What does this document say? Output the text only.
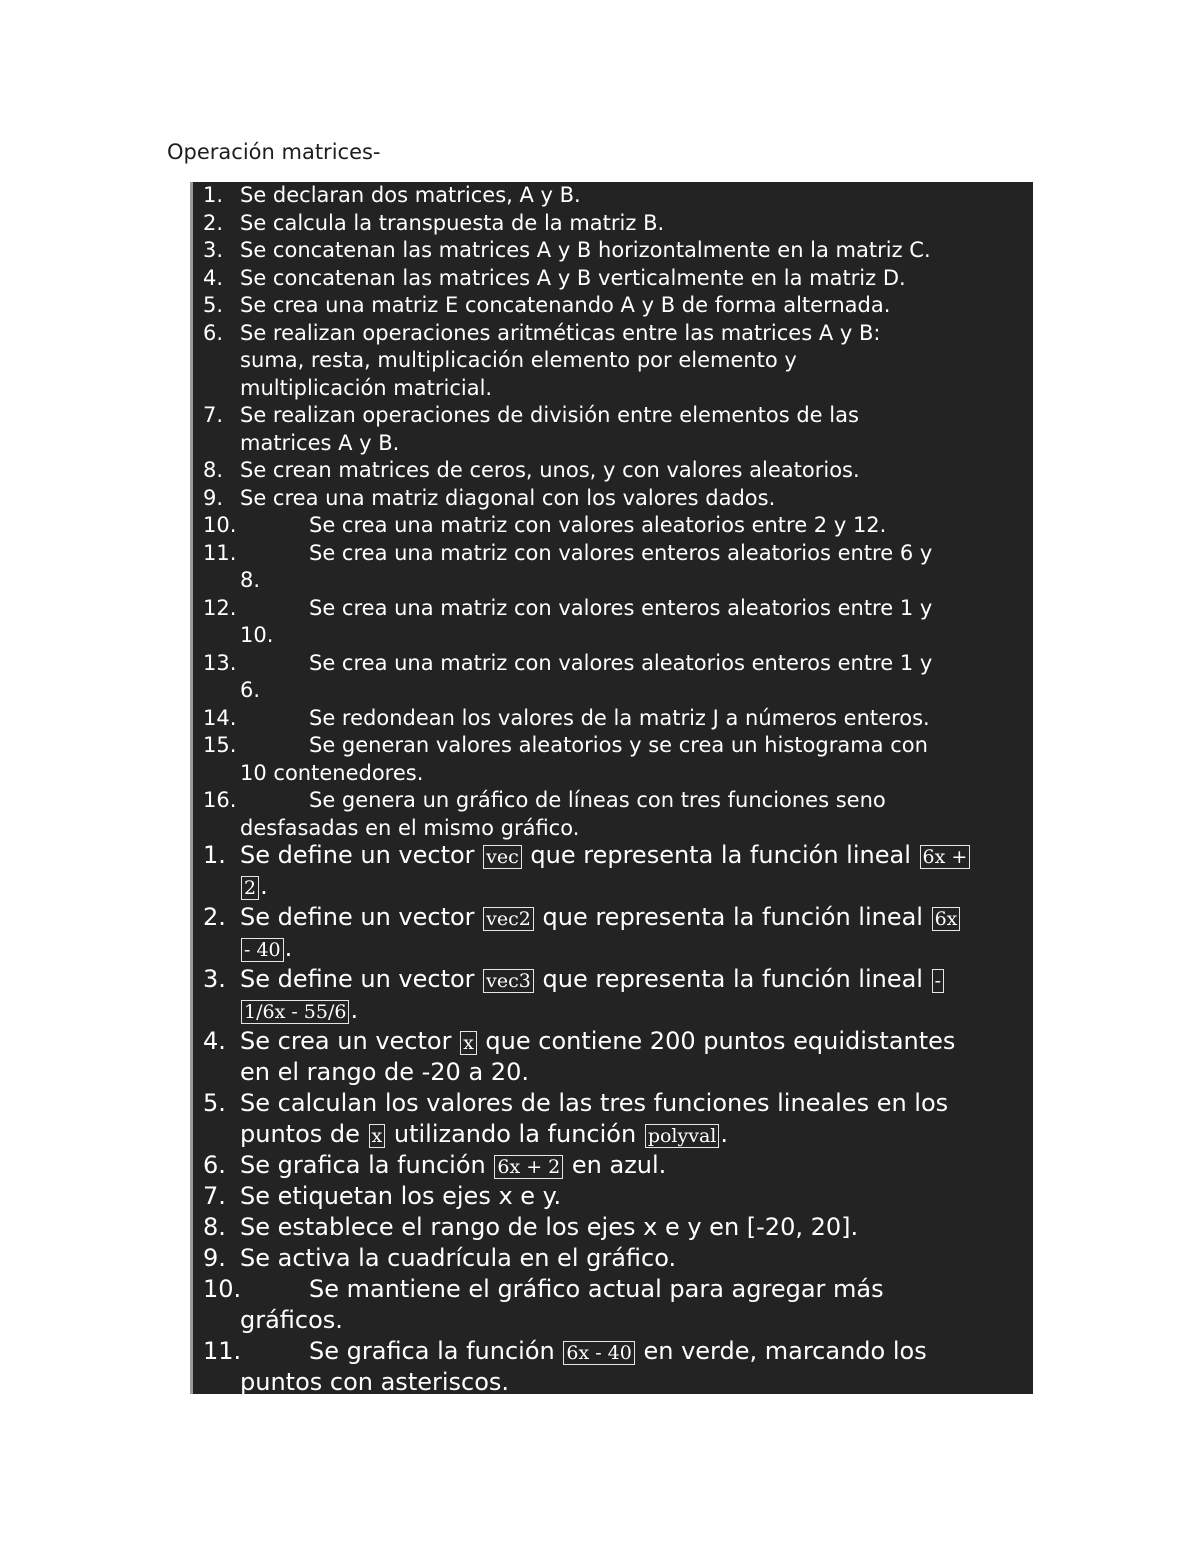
Operación matrices-
1. Se declaran dos matrices, A y B.
2. Se calcula la transpuesta de la matriz B.
3. Se concatenan las matrices A y B horizontalmente en la matriz C.
4. Se concatenan las matrices A y B verticalmente en la matriz D.
5. Se crea una matriz E concatenando A y B de forma alternada.
6. Se realizan operaciones aritméticas entre las matrices A y B:
suma, resta, multiplicación elemento por elemento y
multiplicación matricial.
7. Se realizan operaciones de división entre elementos de las
matrices A y B.
8. Se crean matrices de ceros, unos, y con valores aleatorios.
9. Se crea una matriz diagonal con los valores dados.
10.	Se crea una matriz con valores aleatorios entre 2 y 12.
11.	Se crea una matriz con valores enteros aleatorios entre 6 y
8.
12.	Se crea una matriz con valores enteros aleatorios entre 1 y
10.
13.	Se crea una matriz con valores aleatorios enteros entre 1 y
6.
14.	Se redondean los valores de la matriz J a números enteros.
15.	Se generan valores aleatorios y se crea un histograma con
10 contenedores.
16.	Se genera un gráfico de líneas con tres funciones seno
desfasadas en el mismo gráfico.
1. Se define un vector vec que representa la función lineal 6x +
2 .
2. Se define un vector vec2 que representa la función lineal 6x
- 40 .
3. Se define un vector vec3 que representa la función lineal -
1/6x - 55/6 .
4. Se crea un vector x que contiene 200 puntos equidistantes
en el rango de -20 a 20.
5. Se calculan los valores de las tres funciones lineales en los
puntos de x utilizando la función polyval .
6. Se grafica la función 6x + 2 en azul.
7. Se etiquetan los ejes x e y.
8. Se establece el rango de los ejes x e y en [-20, 20].
9. Se activa la cuadrícula en el gráfico.
10.	Se mantiene el gráfico actual para agregar más
gráficos.
11.	Se grafica la función 6x - 40 en verde, marcando los
puntos con asteriscos.
